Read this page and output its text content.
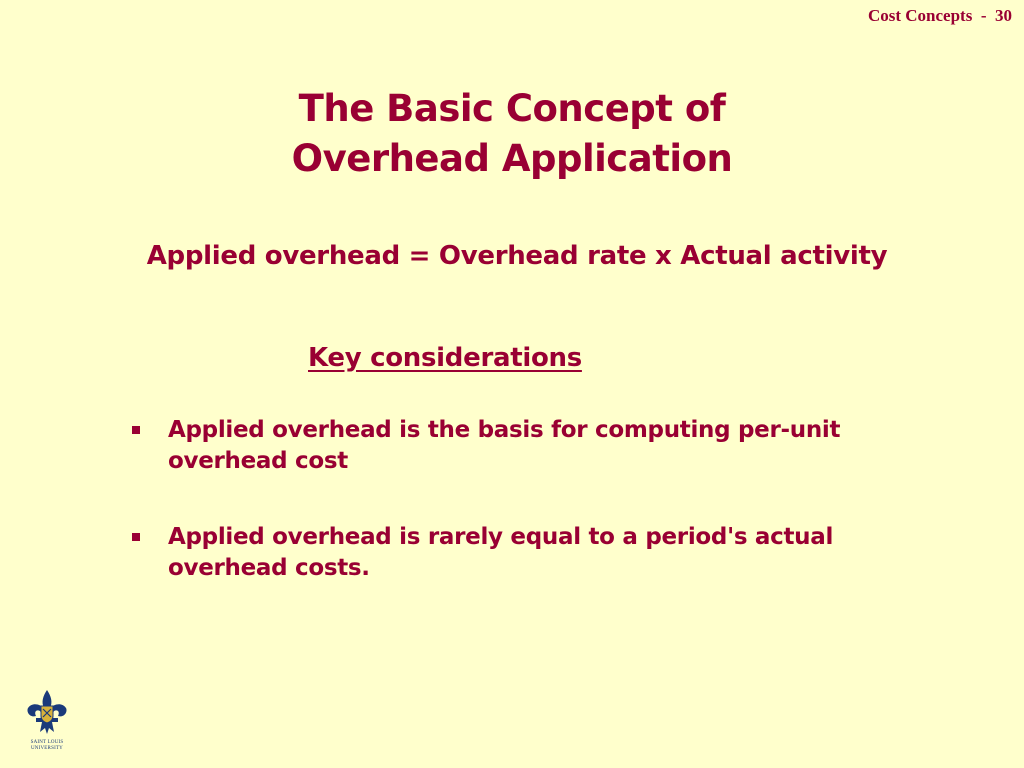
Cost Concepts  -  30
The Basic Concept of
Overhead Application
Applied overhead = Overhead rate x Actual activity
Key considerations
Applied overhead is the basis for computing per-unit overhead cost
Applied overhead is rarely equal to a period's actual overhead costs.
SAINT LOUIS
UNIVERSITY
